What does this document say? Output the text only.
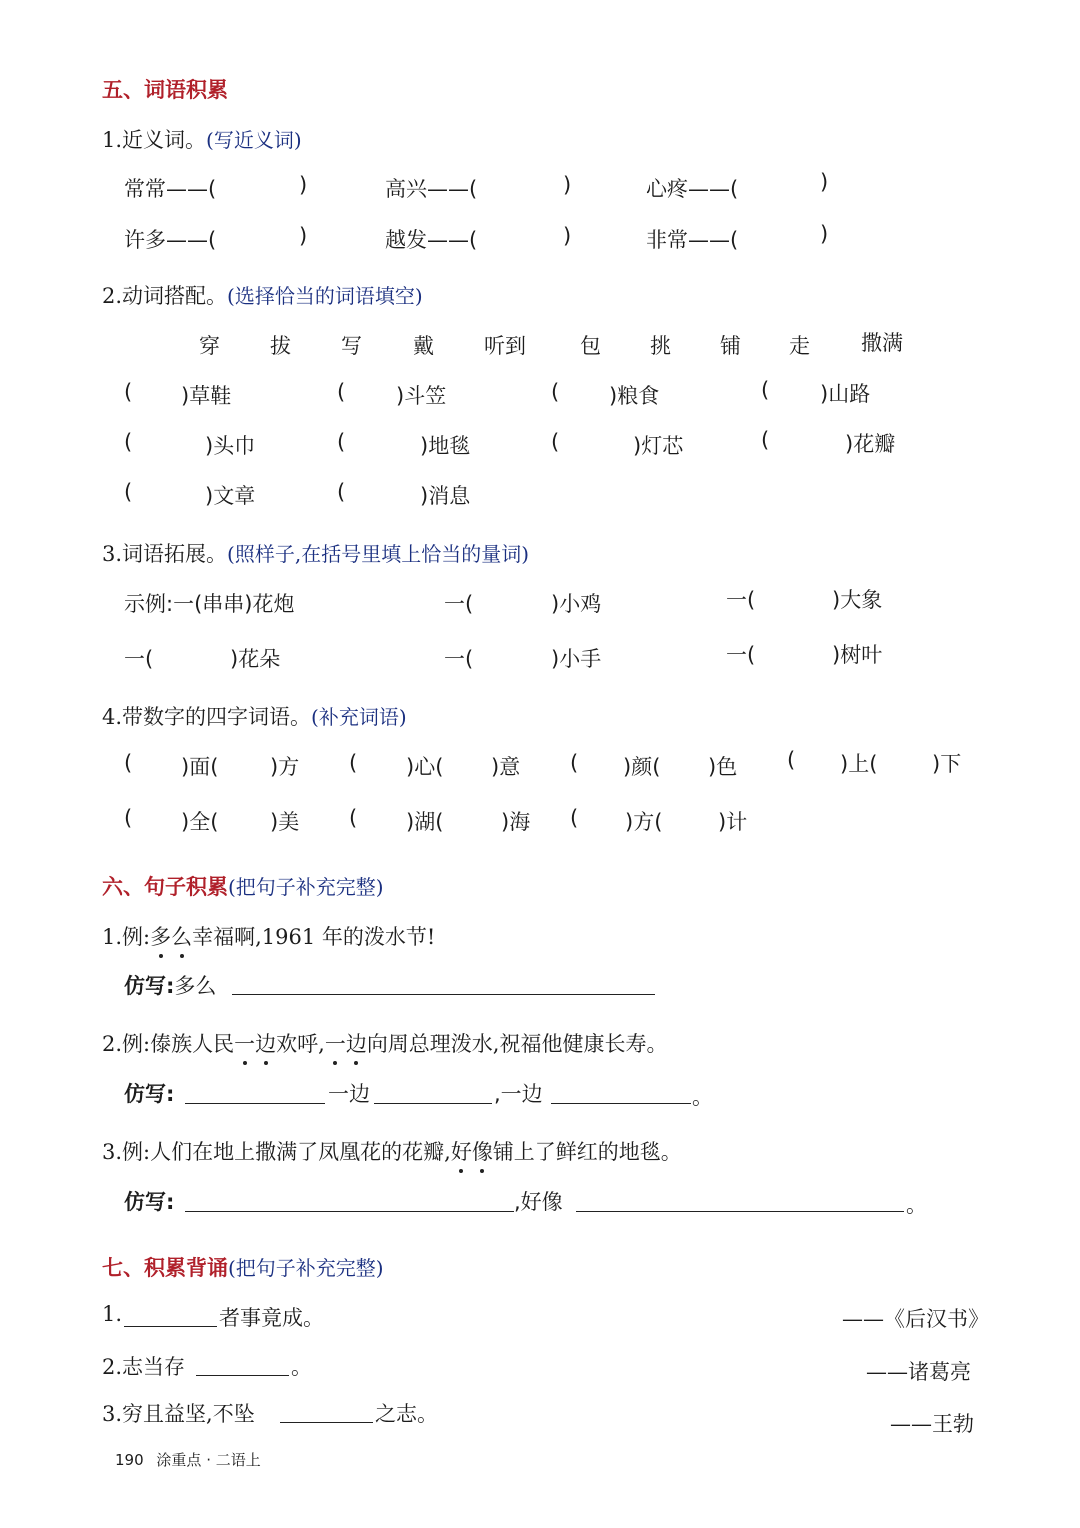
五、词语积累
1.近义词。(写近义词)
常常——(	)	高兴——(	)	心疼——(	)
许多——(	)	越发——(	)	非常——(	)
2.动词搭配。(选择恰当的词语填空)
穿 拔 写 戴 听到	包 挑 铺 走 撒满
( )草鞋	( )斗笠	( )粮食	( )山路
(	)头巾	(	)地毯	(	)灯芯	(	)花瓣
(	)文章	(	)消息
3.词语拓展。(照样子,在括号里填上恰当的量词)
示例:一(串串)花炮	一(	)小鸡	一(	)大象
一(	)花朵	一(	)小手	一(	)树叶
4.带数字的四字词语。(补充词语)
( )面( )方 ( )心( )意 ( )颜( )色 ( )上(	)下
( )全( )美 ( )湖(	)海 ( )方(	)计
六、句子积累(把句子补充完整)
1.例:多么幸福啊,1961 年的泼水节!
仿写:多么
2.例:傣族人民一边欢呼,一边向周总理泼水,祝福他健康长寿。
仿写:	一边	,一边	。
3.例:人们在地上撒满了凤凰花的花瓣,好像铺上了鲜红的地毯。
仿写:	,好像	。
七、积累背诵(把句子补充完整)
1.	者事竟成。	——《后汉书》
2.志当存	。	——诸葛亮
3.穷且益坚,不坠	之志。	——王勃
190 涂重点 · 二语上
